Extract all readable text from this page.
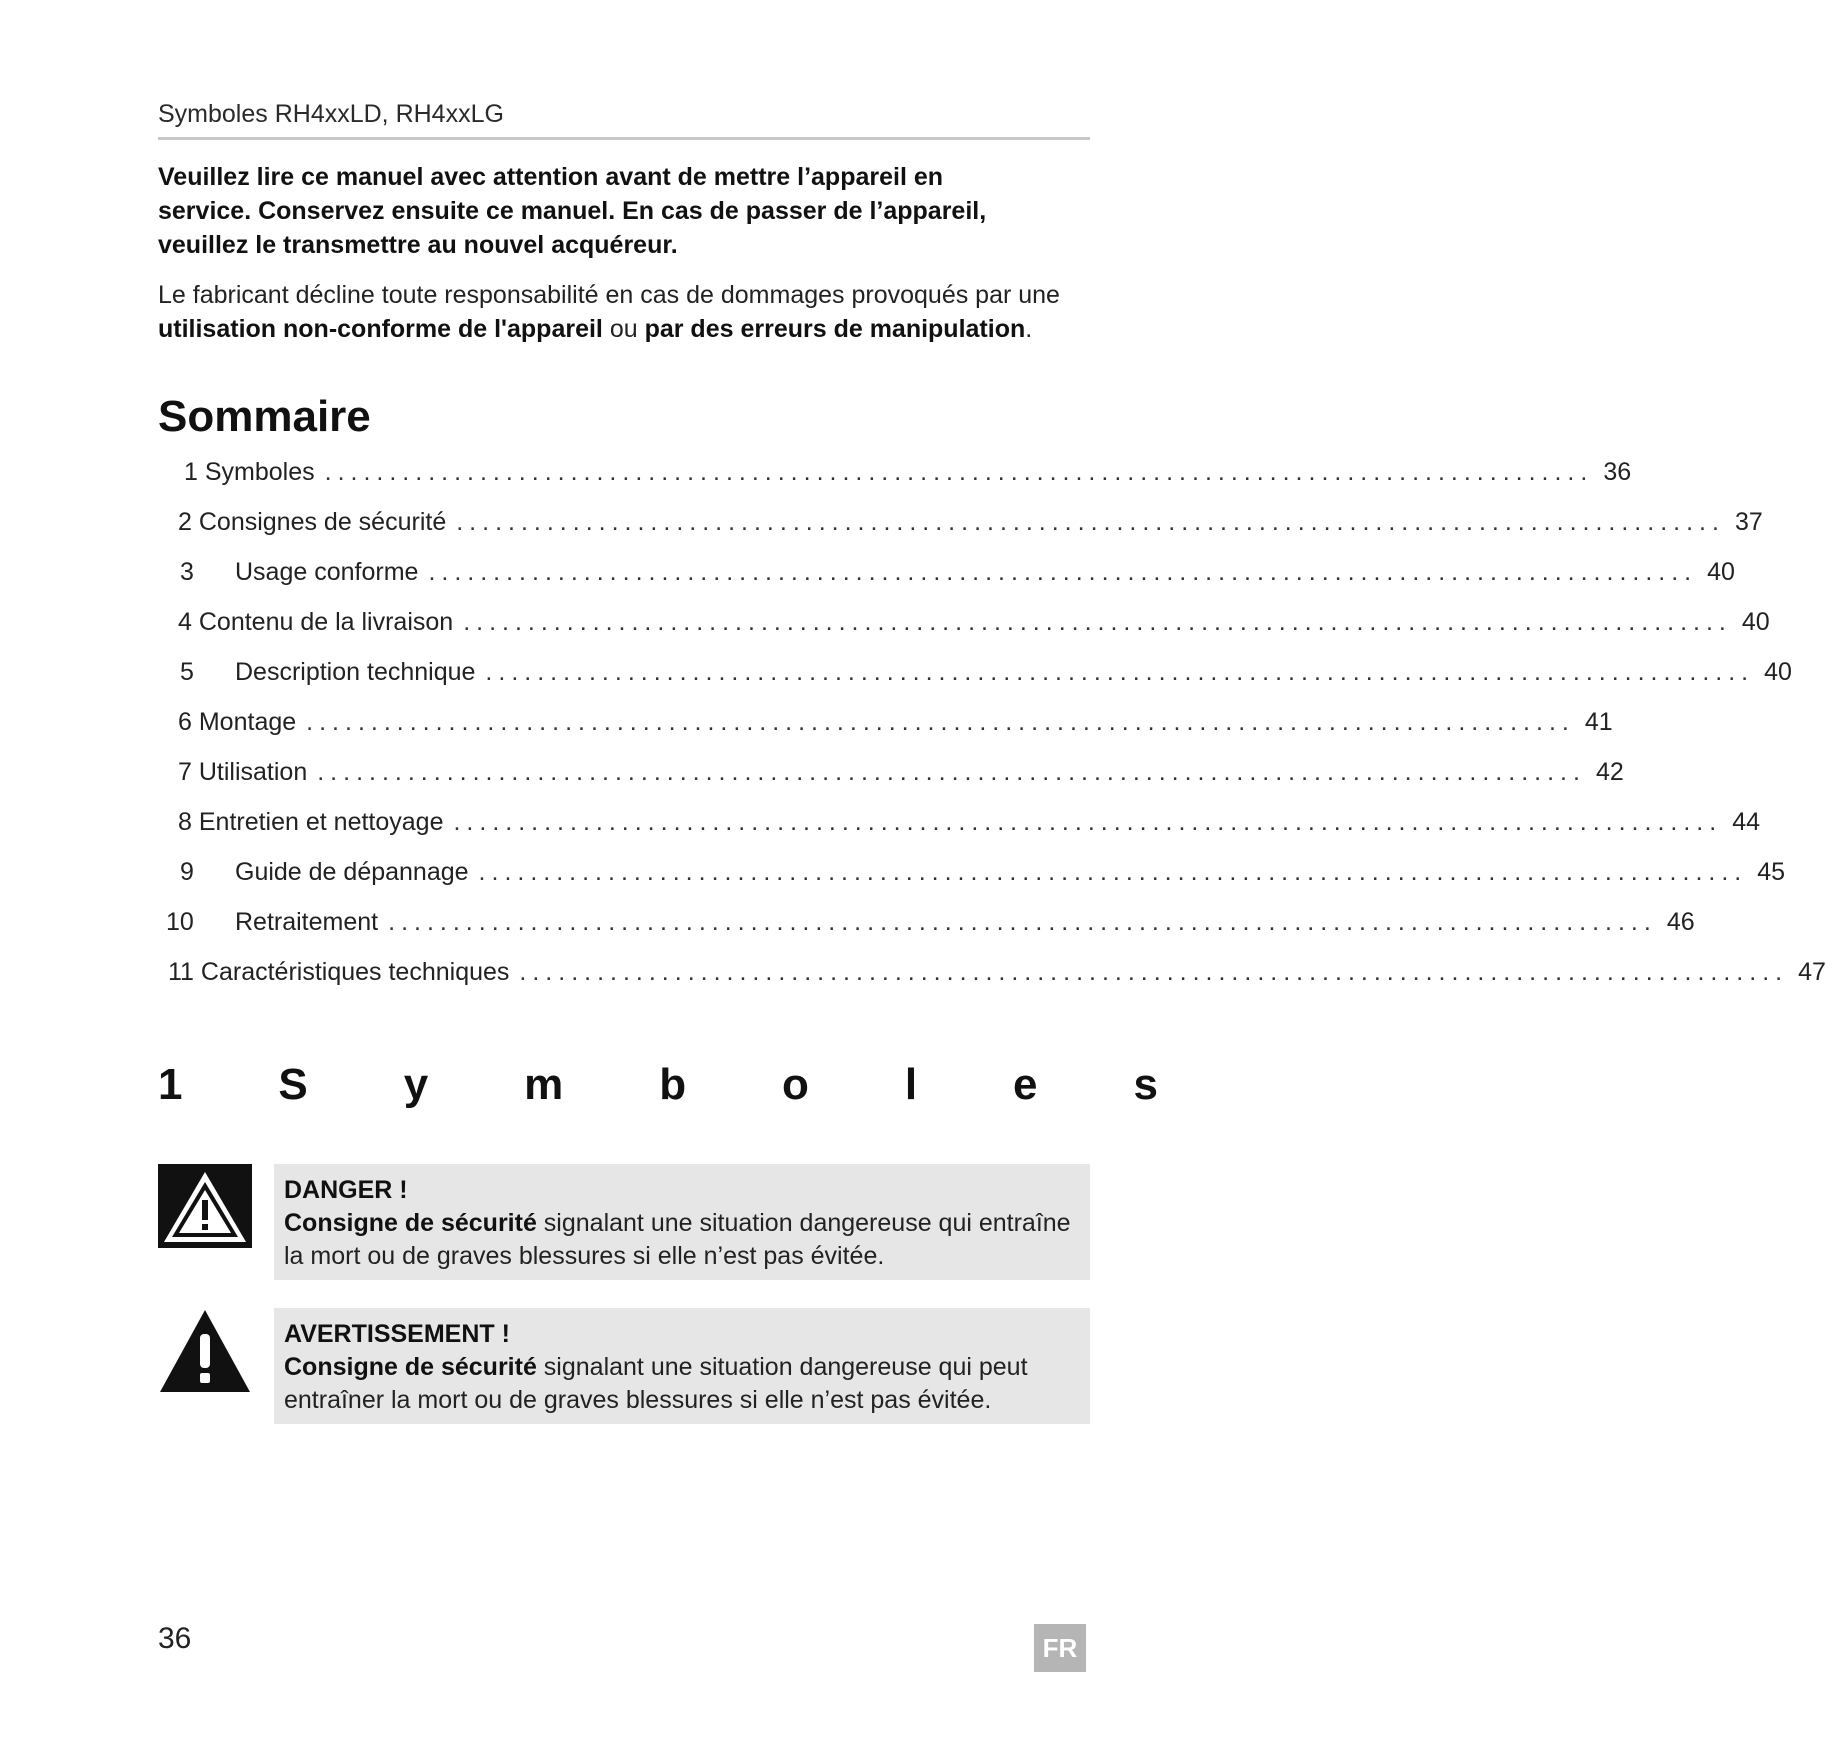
Symboles RH4xxLD, RH4xxLG

Veuillez lire ce manuel avec attention avant de mettre l’appareil en

service. Conservez ensuite ce manuel. En cas de passer de l’appareil,

veuillez le transmettre au nouvel acquéreur.

Le fabricant décline toute responsabilité en cas de dommages provoqués par une

utilisation non-conforme de l'appareil ou par des erreurs de manipulation.

Sommaire
1 Symboles .................................................................................................. 36
2 Consignes de sécurité .................................................................................................. 37
3	Usage conforme .................................................................................................. 40
4 Contenu de la livraison .................................................................................................. 40
5	Description technique .................................................................................................. 40
6 Montage .................................................................................................. 41
7 Utilisation .................................................................................................. 42
8 Entretien et nettoyage .................................................................................................. 44
9	Guide de dépannage .................................................................................................. 45
10	Retraitement .................................................................................................. 46
11 Caractéristiques techniques .................................................................................................. 47
1 S y m b o l e s

DANGER !

Consigne de sécurité signalant une situation dangereuse qui entraîne

la mort ou de graves blessures si elle n’est pas évitée.

AVERTISSEMENT !

Consigne de sécurité signalant une situation dangereuse qui peut

entraîner la mort ou de graves blessures si elle n’est pas évitée.

36	FR
